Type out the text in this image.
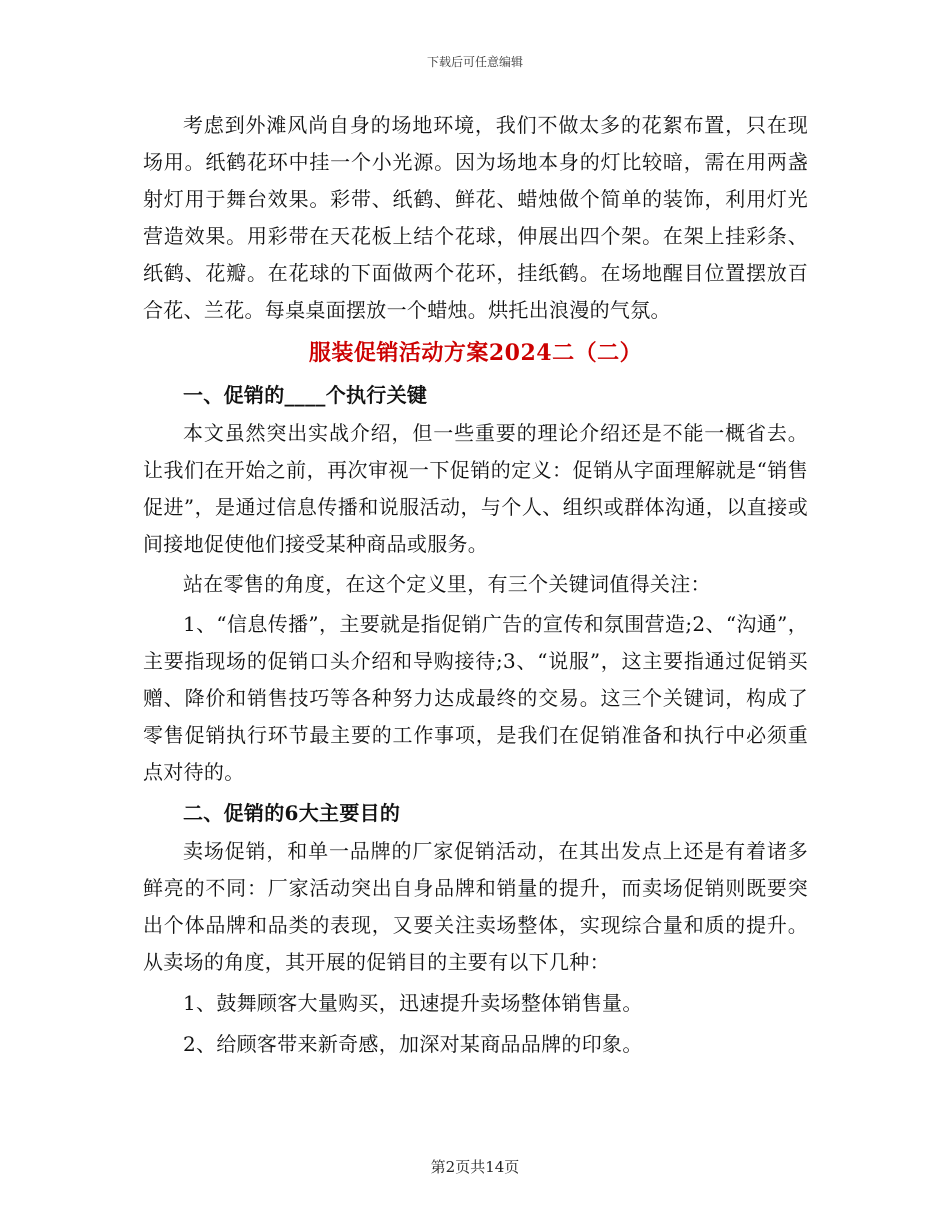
下载后可任意编辑

考虑到外滩风尚自身的场地环境，我们不做太多的花絮布置，只在现场用。纸鹤花环中挂一个小光源。因为场地本身的灯比较暗，需在用两盏射灯用于舞台效果。彩带、纸鹤、鲜花、蜡烛做个简单的装饰，利用灯光营造效果。用彩带在天花板上结个花球，伸展出四个架。在架上挂彩条、纸鹤、花瓣。在花球的下面做两个花环，挂纸鹤。在场地醒目位置摆放百合花、兰花。每桌桌面摆放一个蜡烛。烘托出浪漫的气氛。

服装促销活动方案2024二（二）
一、促销的____个执行关键

本文虽然突出实战介绍，但一些重要的理论介绍还是不能一概省去。让我们在开始之前，再次审视一下促销的定义：促销从字面理解就是“销售促进”，是通过信息传播和说服活动，与个人、组织或群体沟通，以直接或间接地促使他们接受某种商品或服务。

站在零售的角度，在这个定义里，有三个关键词值得关注：

1、“信息传播”，主要就是指促销广告的宣传和氛围营造;2、“沟通”，主要指现场的促销口头介绍和导购接待;3、“说服”，这主要指通过促销买赠、降价和销售技巧等各种努力达成最终的交易。这三个关键词，构成了零售促销执行环节最主要的工作事项，是我们在促销准备和执行中必须重点对待的。

二、促销的6大主要目的

卖场促销，和单一品牌的厂家促销活动，在其出发点上还是有着诸多鲜亮的不同：厂家活动突出自身品牌和销量的提升，而卖场促销则既要突出个体品牌和品类的表现，又要关注卖场整体，实现综合量和质的提升。从卖场的角度，其开展的促销目的主要有以下几种：

1、鼓舞顾客大量购买，迅速提升卖场整体销售量。

2、给顾客带来新奇感，加深对某商品品牌的印象。

第2页共14页
